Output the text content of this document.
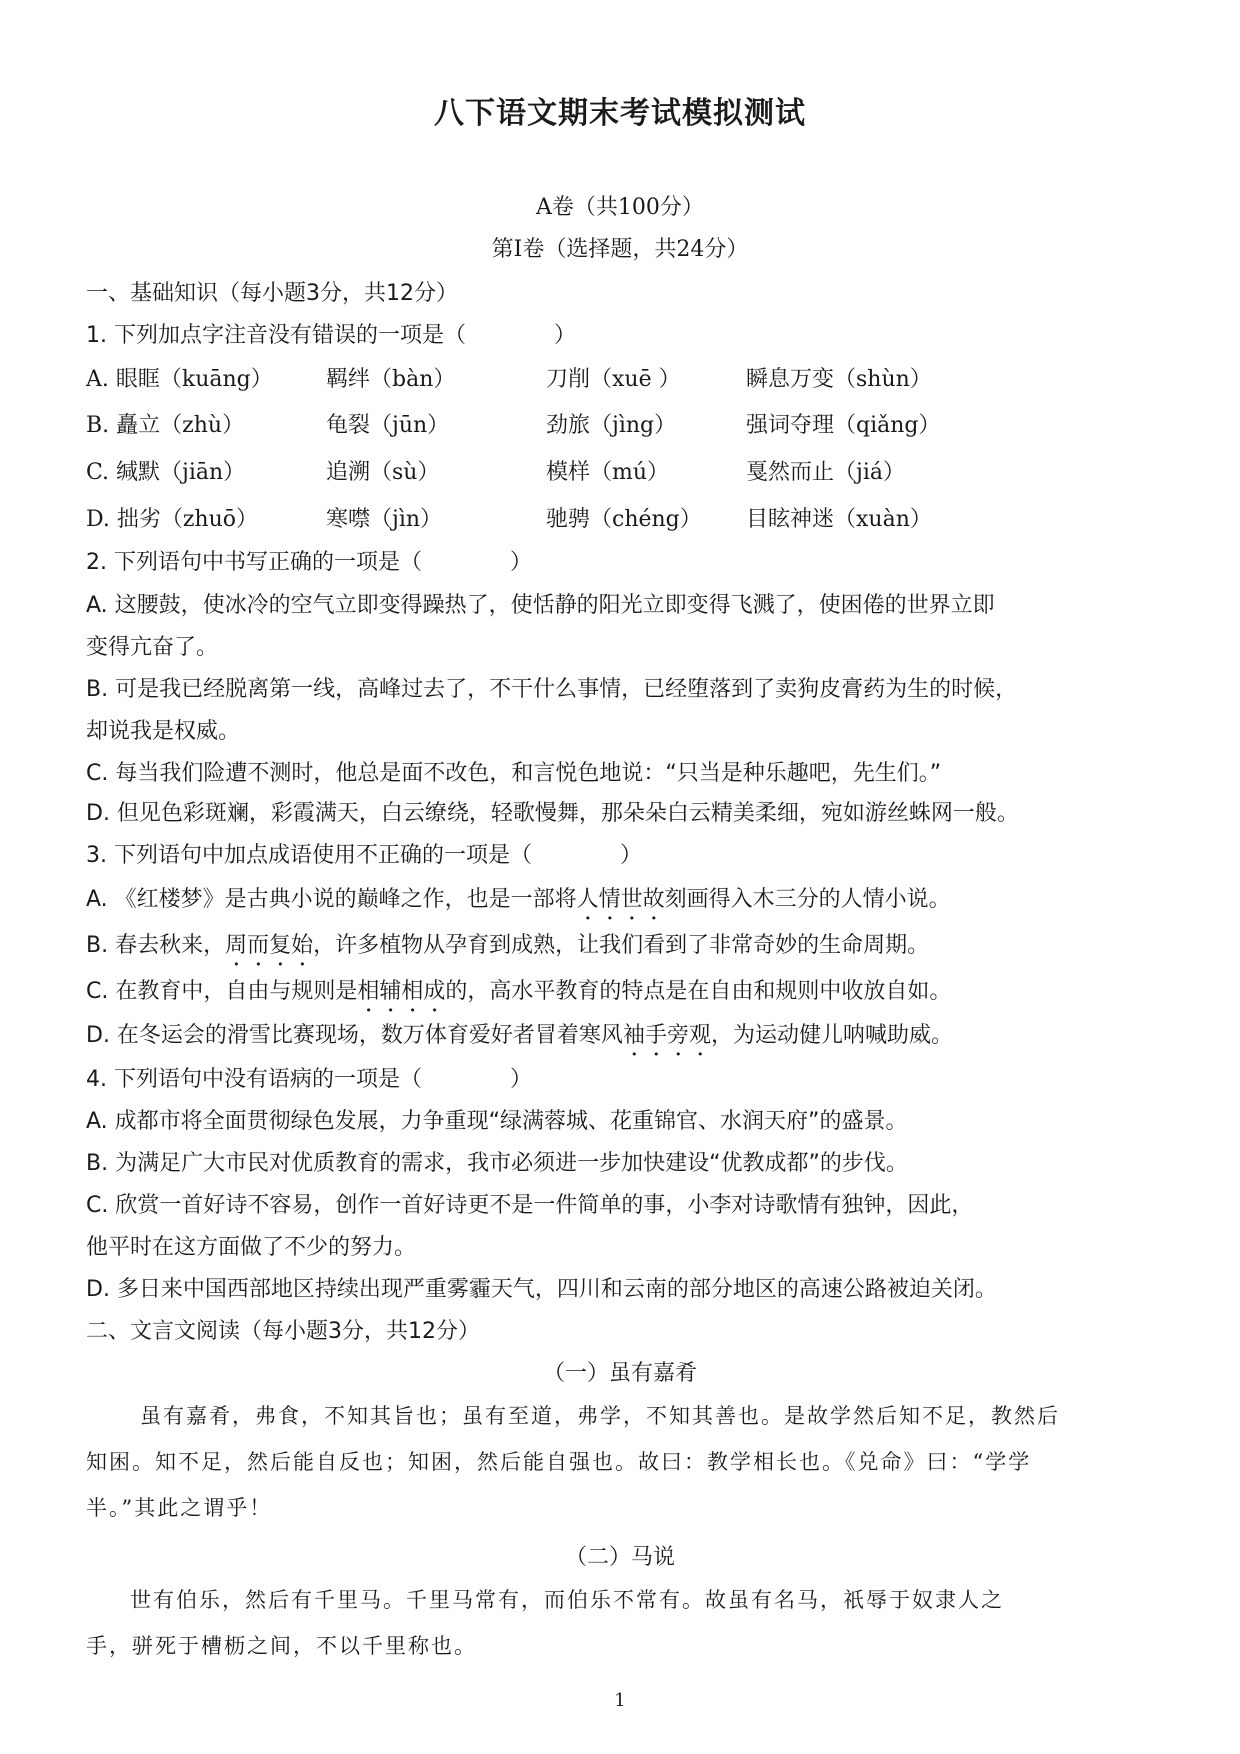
八下语文期末考试模拟测试
A卷（共100分）
第Ⅰ卷（选择题，共24分）
一、基础知识（每小题3分，共12分）
1. 下列加点字注音没有错误的一项是（　　　　）
A. 眼眶（kuāng） 羁绊（bàn）	刀削（xuē ）	瞬息万变（shùn）
B. 矗立（zhù）	龟裂（jūn）	劲旅（jìng）	强词夺理（qiǎng）
C. 缄默（jiān）	追溯（sù）	模样（mú）	戛然而止（jiá）
D. 拙劣（zhuō）	寒噤（jìn）	驰骋（chéng） 目眩神迷（xuàn）
2. 下列语句中书写正确的一项是（　　　　）
A. 这腰鼓，使冰冷的空气立即变得躁热了，使恬静的阳光立即变得飞溅了，使困倦的世界立即
变得亢奋了。
B. 可是我已经脱离第一线，高峰过去了，不干什么事情，已经堕落到了卖狗皮膏药为生的时候，
却说我是权威。
C. 每当我们险遭不测时，他总是面不改色，和言悦色地说：“只当是种乐趣吧，先生们。”
D. 但见色彩斑斓，彩霞满天，白云缭绕，轻歌慢舞，那朵朵白云精美柔细，宛如游丝蛛网一般。
3. 下列语句中加点成语使用不正确的一项是（　　　　）
A. 《红楼梦》是古典小说的巅峰之作，也是一部将人情世故刻画得入木三分的人情小说。
B. 春去秋来，周而复始，许多植物从孕育到成熟，让我们看到了非常奇妙的生命周期。
C. 在教育中，自由与规则是相辅相成的，高水平教育的特点是在自由和规则中收放自如。
D. 在冬运会的滑雪比赛现场，数万体育爱好者冒着寒风袖手旁观，为运动健儿呐喊助威。
4. 下列语句中没有语病的一项是（　　　　）
A. 成都市将全面贯彻绿色发展，力争重现“绿满蓉城、花重锦官、水润天府”的盛景。
B. 为满足广大市民对优质教育的需求，我市必须进一步加快建设“优教成都”的步伐。
C. 欣赏一首好诗不容易，创作一首好诗更不是一件简单的事，小李对诗歌情有独钟，因此，
他平时在这方面做了不少的努力。
D. 多日来中国西部地区持续出现严重雾霾天气，四川和云南的部分地区的高速公路被迫关闭。
二、文言文阅读（每小题3分，共12分）
（一）虽有嘉肴
虽有嘉肴，弗食，不知其旨也；虽有至道，弗学，不知其善也。是故学然后知不足，教然后
知困。知不足，然后能自反也；知困，然后能自强也。故曰：教学相长也。《兑命》曰：“学学
半。”其此之谓乎！
（二）马说
世有伯乐，然后有千里马。千里马常有，而伯乐不常有。故虽有名马，祇辱于奴隶人之
手，骈死于槽枥之间，不以千里称也。
1
